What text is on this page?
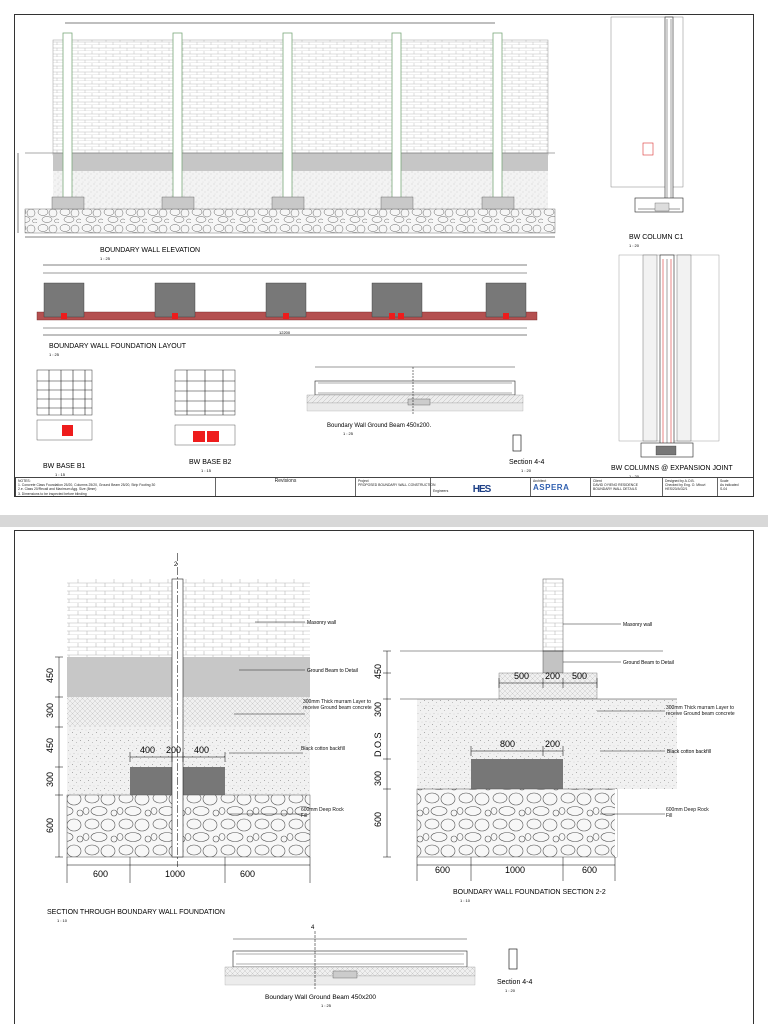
BOUNDARY WALL ELEVATION
1 : 25
BOUNDARY WALL FOUNDATION LAYOUT
1 : 25
12200
BW BASE B1
1 : 15
BW BASE B2
1 : 15
Boundary Wall Ground Beam 450x200.
1 : 25
Section 4-4
1 : 20
BW COLUMN C1
1 : 20
BW COLUMNS @ EXPANSION JOINT
NOTES:
1. Concrete Class Foundation 25/20, Columns 25/20, Ground Beam 25/20, Strip Footing 30
2.e. Class 20/Recall and Maximum Agg. Size (8mm)
3. Dimensions to be inspected before blinding
Revisions	Project
PROPOSED BOUNDARY WALL CONSTRUCTION
Engineers HES
Architect
ASPERA
Client
DAVID OYIENO RESIDENCE
BOUNDARY WALL DETAILS
Designed by A.O.B.
Checked by Eng. O. Mbuvi
HES/20/A/32/1
Scale
As indicated
S-04
2
450
300
450
300
600
400 200 400
600	1000	600
Masonry wall
Ground Beam to Detail
300mm Thick murram Layer to receive Ground beam concrete
Black cotton backfill
600mm Deep Rock Fill
SECTION THROUGH BOUNDARY WALL FOUNDATION
1 : 10
450
300
D.O.S
300
600
500 200 500
800	200
600	1000	600
Masonry wall
Ground Beam to Detail
300mm Thick murram Layer to receive Ground beam concrete
Black cotton backfill
600mm Deep Rock Fill
BOUNDARY WALL FOUNDATION SECTION 2-2
1 : 10
4
Boundary Wall Ground Beam 450x200
1 : 25
Section 4-4
1 : 20
